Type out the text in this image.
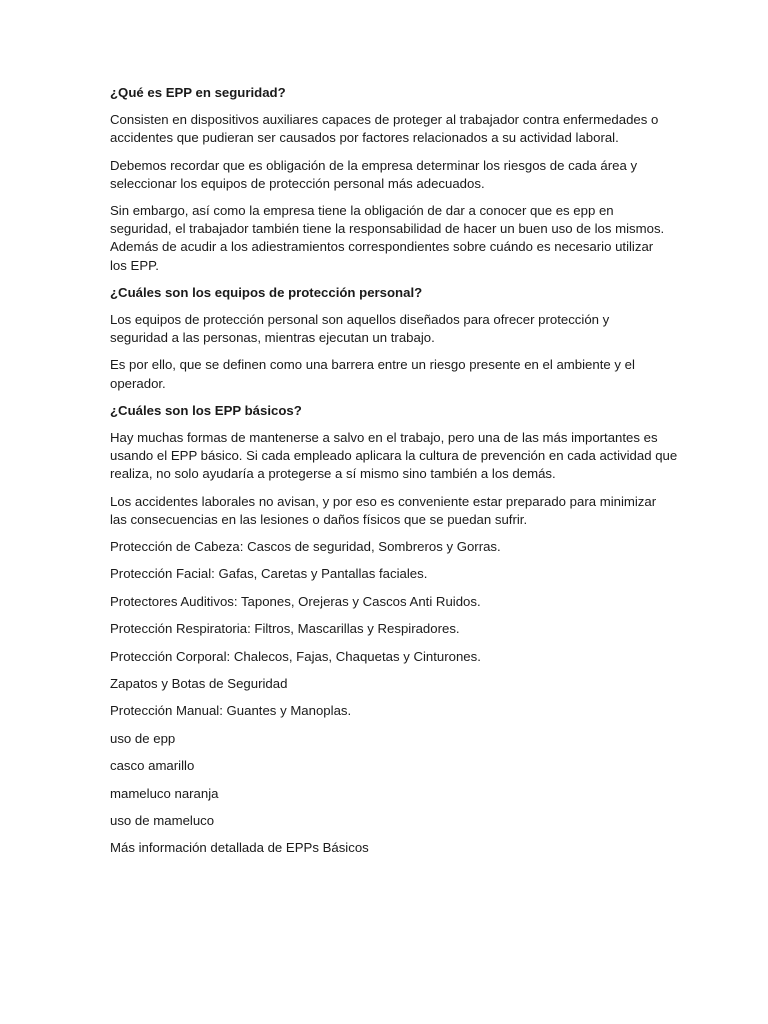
¿Qué es EPP en seguridad?
Consisten en dispositivos auxiliares capaces de proteger al trabajador contra enfermedades o
accidentes que pudieran ser causados por factores relacionados a su actividad laboral.
Debemos recordar que es obligación de la empresa determinar los riesgos de cada área y
seleccionar los equipos de protección personal más adecuados.
Sin embargo, así como la empresa tiene la obligación de dar a conocer que es epp en
seguridad, el trabajador también tiene la responsabilidad de hacer un buen uso de los mismos.
Además de acudir a los adiestramientos correspondientes sobre cuándo es necesario utilizar
los EPP.
¿Cuáles son los equipos de protección personal?
Los equipos de protección personal son aquellos diseñados para ofrecer protección y
seguridad a las personas, mientras ejecutan un trabajo.
Es por ello, que se definen como una barrera entre un riesgo presente en el ambiente y el
operador.
¿Cuáles son los EPP básicos?
Hay muchas formas de mantenerse a salvo en el trabajo, pero una de las más importantes es
usando el EPP básico. Si cada empleado aplicara la cultura de prevención en cada actividad que
realiza, no solo ayudaría a protegerse a sí mismo sino también a los demás.
Los accidentes laborales no avisan, y por eso es conveniente estar preparado para minimizar
las consecuencias en las lesiones o daños físicos que se puedan sufrir.
Protección de Cabeza: Cascos de seguridad, Sombreros y Gorras.
Protección Facial: Gafas, Caretas y Pantallas faciales.
Protectores Auditivos: Tapones, Orejeras y Cascos Anti Ruidos.
Protección Respiratoria: Filtros, Mascarillas y Respiradores.
Protección Corporal: Chalecos, Fajas, Chaquetas y Cinturones.
Zapatos y Botas de Seguridad
Protección Manual: Guantes y Manoplas.
uso de epp
casco amarillo
mameluco naranja
uso de mameluco
Más información detallada de EPPs Básicos
